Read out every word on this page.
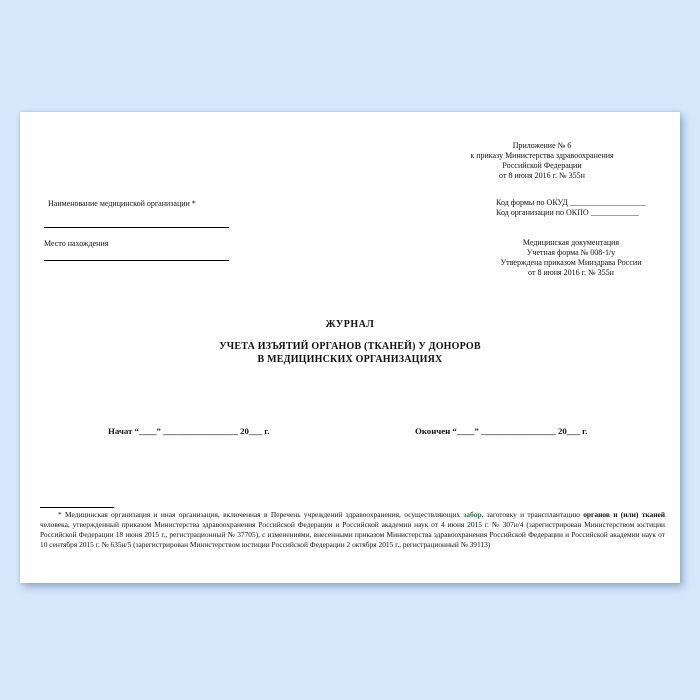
Приложение № 6
к приказу Министерства здравоохранения
Российской Федерации
от 8 июня 2016 г. № 355н
Наименование медицинской организации *
Место нахождения
Код формы по ОКУД ___________________
Код организации по ОКПО ____________
Медицинская документация
Учетная форма № 008-1/у
Утверждена приказом Минздрава России
от 8 июня 2016 г. № 355н
ЖУРНАЛ
УЧЕТА ИЗЪЯТИЙ ОРГАНОВ (ТКАНЕЙ) У ДОНОРОВ
В МЕДИЦИНСКИХ ОРГАНИЗАЦИЯХ
Начат “____” _________________ 20___ г.	Окончен “____” _________________ 20___ г.
* Медицинская организация и иная организация, включенная в Перечень учреждений здравоохранения, осуществляющих забор, заготовку и трансплантацию органов и (или) тканей человека, утвержденный приказом Министерства здравоохранения Российской Федерации и Российской академии наук от 4 июня 2015 г. № 307н/4 (зарегистрирован Министерством юстиции Российской Федерации 18 июня 2015 г., регистрационный № 37705), с изменениями, внесенными приказом Министерства здравоохранения Российской Федерации и Российской академии наук от 10 сентября 2015 г. № 635н/5 (зарегистрирован Министерством юстиции Российской Федерации 2 октября 2015 г., регистрационный № 39113)
